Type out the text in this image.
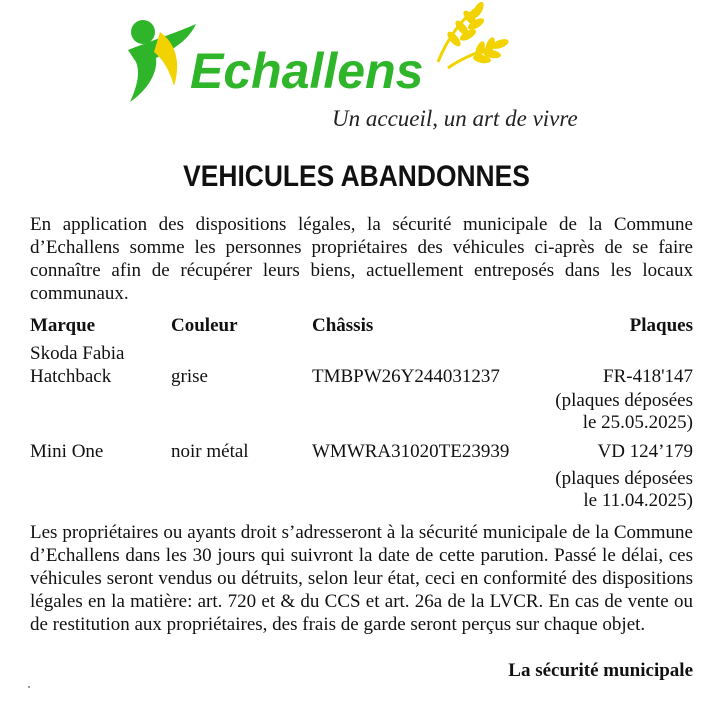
Echallens
Un accueil, un art de vivre
VEHICULES ABANDONNES
En application des dispositions légales, la sécurité municipale de la Commune d’Echallens somme les personnes propriétaires des véhicules ci-après de se faire connaître afin de récupérer leurs biens, actuellement entreposés dans les locaux communaux.
Marque	Couleur	Châssis	Plaques
Skoda Fabia
Hatchback	grise	TMBPW26Y244031237	FR-418'147
(plaques déposées
le 25.05.2025)
Mini One	noir métal	WMWRA31020TE23939	VD 124’179
(plaques déposées
le 11.04.2025)
Les propriétaires ou ayants droit s’adresseront à la sécurité municipale de la Commune d’Echallens dans les 30 jours qui suivront la date de cette parution. Passé le délai, ces véhicules seront vendus ou détruits, selon leur état, ceci en conformité des dispositions légales en la matière: art. 720 et & du CCS et art. 26a de la LVCR. En cas de vente ou de restitution aux propriétaires, des frais de garde seront perçus sur chaque objet.
La sécurité municipale
